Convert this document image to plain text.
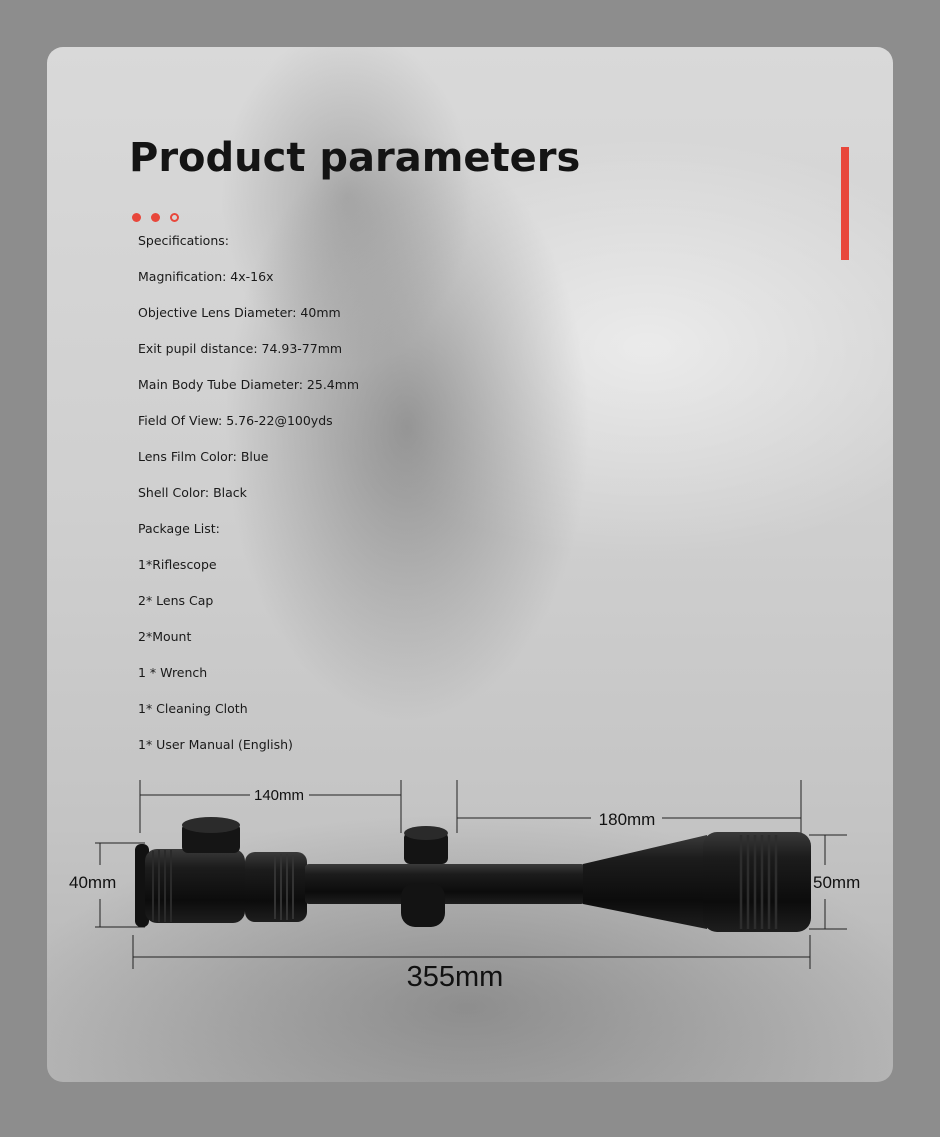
Product parameters
Specifications:
Magnification: 4x-16x
Objective Lens Diameter: 40mm
Exit pupil distance: 74.93-77mm
Main Body Tube Diameter: 25.4mm
Field Of View: 5.76-22@100yds
Lens Film Color: Blue
Shell Color: Black
Package List:
1*Riflescope
2* Lens Cap
2*Mount
1 * Wrench
1* Cleaning Cloth
1* User Manual (English)
140mm
180mm
40mm	50mm
355mm
